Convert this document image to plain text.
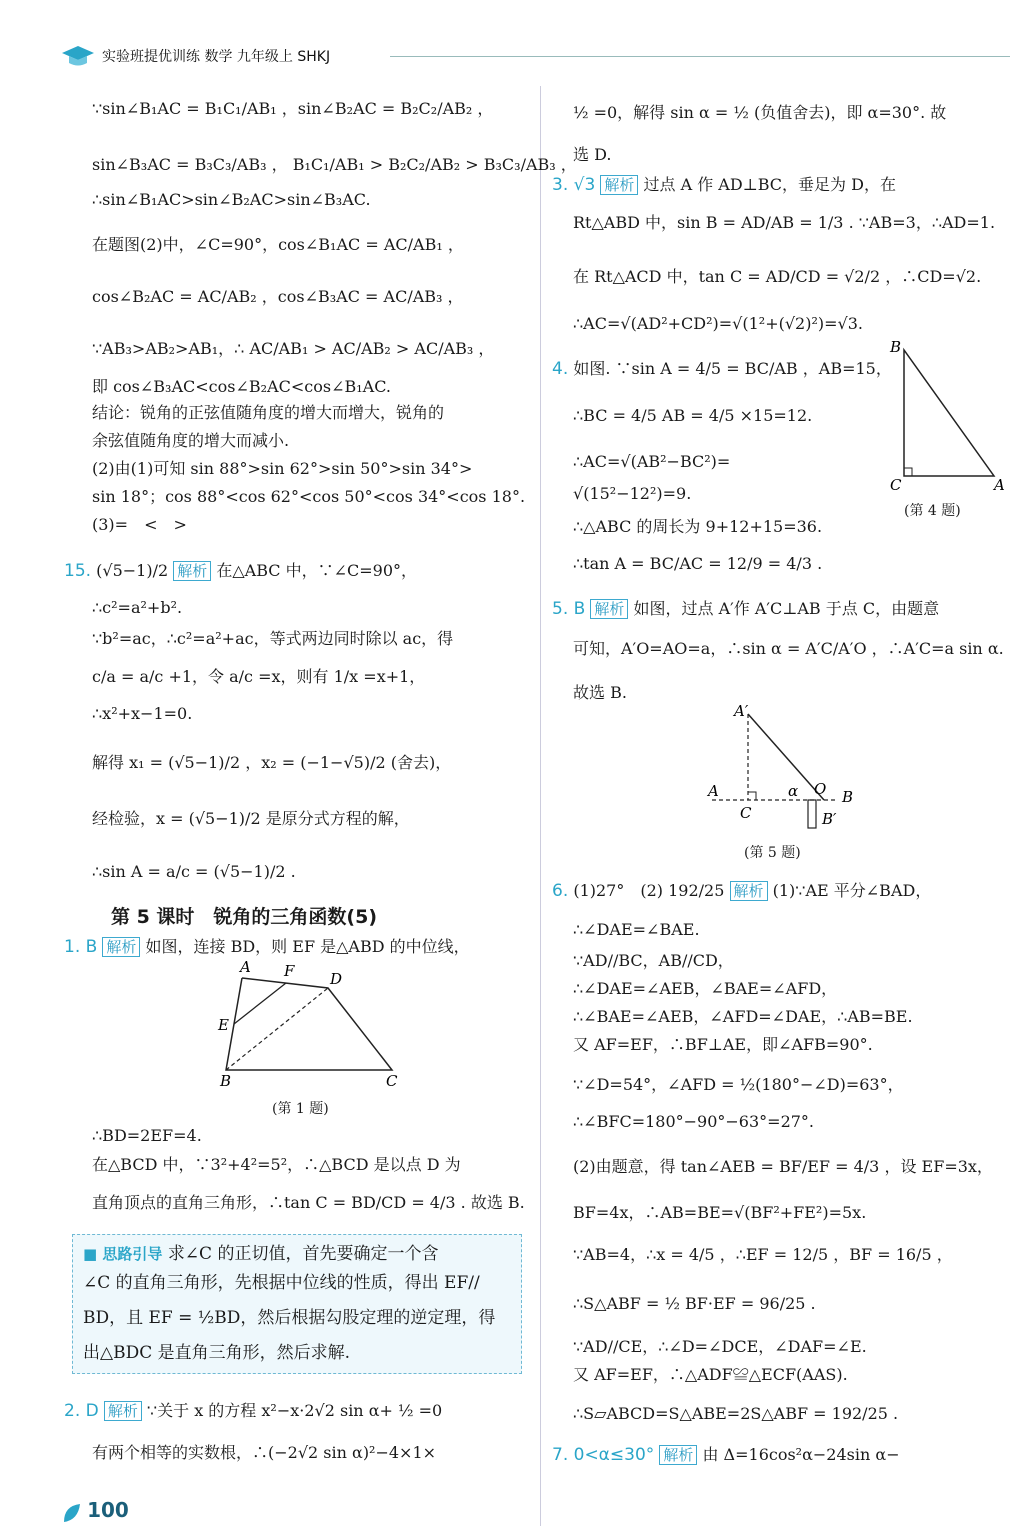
实验班提优训练 数学 九年级上 SHKJ
∵sin∠B₁AC = B₁C₁/AB₁ ，sin∠B₂AC = B₂C₂/AB₂ ，
sin∠B₃AC = B₃C₃/AB₃ ， B₁C₁/AB₁ > B₂C₂/AB₂ > B₃C₃/AB₃ ，
∴sin∠B₁AC>sin∠B₂AC>sin∠B₃AC.
在题图(2)中，∠C=90°，cos∠B₁AC = AC/AB₁ ，
cos∠B₂AC = AC/AB₂ ，cos∠B₃AC = AC/AB₃ ，
∵AB₃>AB₂>AB₁，∴ AC/AB₁ > AC/AB₂ > AC/AB₃ ，
即 cos∠B₃AC<cos∠B₂AC<cos∠B₁AC.
结论：锐角的正弦值随角度的增大而增大，锐角的
余弦值随角度的增大而减小.
(2)由(1)可知 sin 88°>sin 62°>sin 50°>sin 34°>
sin 18°；cos 88°<cos 62°<cos 50°<cos 34°<cos 18°.
(3)=　<　>
15. (√5−1)/2 解析 在△ABC 中，∵∠C=90°，
∴c²=a²+b².
∵b²=ac，∴c²=a²+ac，等式两边同时除以 ac，得
c/a = a/c +1，令 a/c =x，则有 1/x =x+1，
∴x²+x−1=0.
解得 x₁ = (√5−1)/2 ，x₂ = (−1−√5)/2 (舍去)，
经检验，x = (√5−1)/2 是原分式方程的解，
∴sin A = a/c = (√5−1)/2 .
第 5 课时　锐角的三角函数(5)
1. B 解析 如图，连接 BD，则 EF 是△ABD 的中位线，
A F D
E
B	C
(第 1 题)
∴BD=2EF=4.
在△BCD 中，∵3²+4²=5²，∴△BCD 是以点 D 为
直角顶点的直角三角形，∴tan C = BD/CD = 4/3 . 故选 B.
■ 思路引导 求∠C 的正切值，首先要确定一个含
∠C 的直角三角形，先根据中位线的性质，得出 EF//
BD，且 EF = ½BD，然后根据勾股定理的逆定理，得
出△BDC 是直角三角形，然后求解.
2. D 解析 ∵关于 x 的方程 x²−x·2√2 sin α+ ½ =0
有两个相等的实数根，∴(−2√2 sin α)²−4×1×
½ =0，解得 sin α = ½ (负值舍去)，即 α=30°. 故
选 D.
3. √3 解析 过点 A 作 AD⊥BC，垂足为 D，在
Rt△ABD 中，sin B = AD/AB = 1/3 . ∵AB=3，∴AD=1.
在 Rt△ACD 中，tan C = AD/CD = √2/2 ，∴CD=√2.
∴AC=√(AD²+CD²)=√(1²+(√2)²)=√3.
4. 如图. ∵sin A = 4/5 = BC/AB ，AB=15，
∴BC = 4/5 AB = 4/5 ×15=12.
∴AC=√(AB²−BC²)=
√(15²−12²)=9.
∴△ABC 的周长为 9+12+15=36.
∴tan A = BC/AC = 12/9 = 4/3 .
B
C	A
(第 4 题)
5. B 解析 如图，过点 A′作 A′C⊥AB 于点 C，由题意
可知，A′O=AO=a，∴sin α = A′C/A′O ，∴A′C=a sin α.
故选 B.
A′
A
C
α O B
B′
(第 5 题)
6. (1)27°　(2) 192/25 解析 (1)∵AE 平分∠BAD，
∴∠DAE=∠BAE.
∵AD//BC，AB//CD，
∴∠DAE=∠AEB，∠BAE=∠AFD，
∴∠BAE=∠AEB，∠AFD=∠DAE，∴AB=BE.
又 AF=EF，∴BF⊥AE，即∠AFB=90°.
∵∠D=54°，∠AFD = ½(180°−∠D)=63°，
∴∠BFC=180°−90°−63°=27°.
(2)由题意，得 tan∠AEB = BF/EF = 4/3 ，设 EF=3x，
BF=4x，∴AB=BE=√(BF²+FE²)=5x.
∵AB=4，∴x = 4/5 ，∴EF = 12/5 ，BF = 16/5 ，
∴S△ABF = ½ BF·EF = 96/25 .
∵AD//CE，∴∠D=∠DCE，∠DAF=∠E.
又 AF=EF，∴△ADF≌△ECF(AAS).
∴S▱ABCD=S△ABE=2S△ABF = 192/25 .
7. 0<α≤30° 解析 由 Δ=16cos²α−24sin α−
100
